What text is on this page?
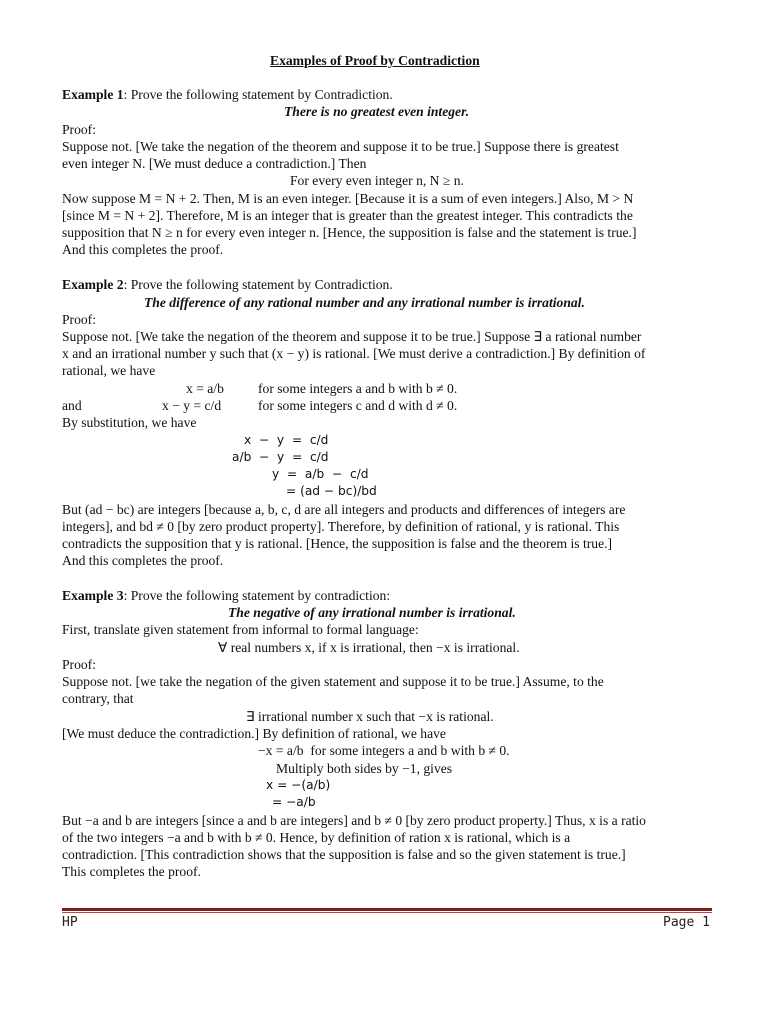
Examples of Proof by Contradiction
Example 1: Prove the following statement by Contradiction.
There is no greatest even integer.
Proof:
Suppose not. [We take the negation of the theorem and suppose it to be true.] Suppose there is greatest
even integer N. [We must deduce a contradiction.] Then
For every even integer n, N ≥ n.
Now suppose M = N + 2. Then, M is an even integer. [Because it is a sum of even integers.] Also, M > N
[since M = N + 2]. Therefore, M is an integer that is greater than the greatest integer. This contradicts the
supposition that N ≥ n for every even integer n. [Hence, the supposition is false and the statement is true.]
And this completes the proof.
Example 2: Prove the following statement by Contradiction.
The difference of any rational number and any irrational number is irrational.
Proof:
Suppose not. [We take the negation of the theorem and suppose it to be true.] Suppose ∃ a rational number
x and an irrational number y such that (x − y) is rational. [We must derive a contradiction.] By definition of
rational, we have
x = a/b	for some integers a and b with b ≠ 0.
and	x − y = c/d	for some integers c and d with d ≠ 0.
By substitution, we have
x  −  y  =  c/d
a/b  −  y  =  c/d
y  =  a/b  −  c/d
= (ad − bc)/bd
But (ad − bc) are integers [because a, b, c, d are all integers and products and differences of integers are
integers], and bd ≠ 0 [by zero product property]. Therefore, by definition of rational, y is rational. This
contradicts the supposition that y is rational. [Hence, the supposition is false and the theorem is true.]
And this completes the proof.
Example 3: Prove the following statement by contradiction:
The negative of any irrational number is irrational.
First, translate given statement from informal to formal language:
∀ real numbers x, if x is irrational, then −x is irrational.
Proof:
Suppose not. [we take the negation of the given statement and suppose it to be true.] Assume, to the
contrary, that
∃ irrational number x such that −x is rational.
[We must deduce the contradiction.] By definition of rational, we have
−x = a/b  for some integers a and b with b ≠ 0.
Multiply both sides by −1, gives
x = −(a/b)
= −a/b
But −a and b are integers [since a and b are integers] and b ≠ 0 [by zero product property.] Thus, x is a ratio
of the two integers −a and b with b ≠ 0. Hence, by definition of ration x is rational, which is a
contradiction. [This contradiction shows that the supposition is false and so the given statement is true.]
This completes the proof.
HP	Page 1
